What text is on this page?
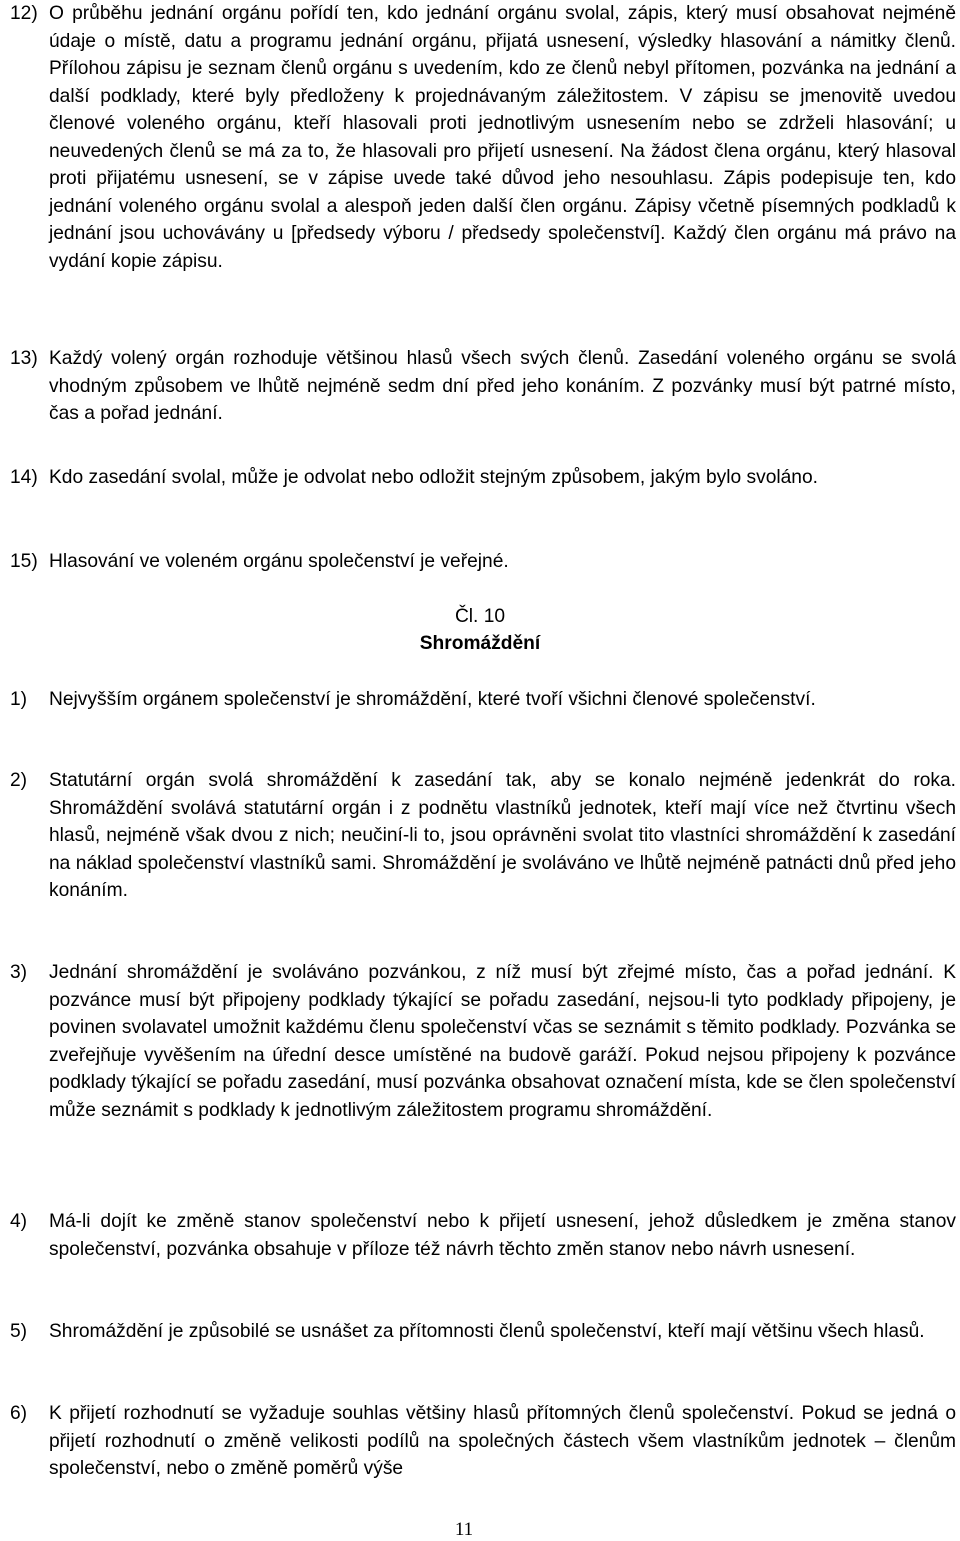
12) O průběhu jednání orgánu pořídí ten, kdo jednání orgánu svolal, zápis, který musí obsahovat nejméně údaje o místě, datu a programu jednání orgánu, přijatá usnesení, výsledky hlasování a námitky členů. Přílohou zápisu je seznam členů orgánu s uvedením, kdo ze členů nebyl přítomen, pozvánka na jednání a další podklady, které byly předloženy k projednávaným záležitostem. V zápisu se jmenovitě uvedou členové voleného orgánu, kteří hlasovali proti jednotlivým usnesením nebo se zdrželi hlasování; u neuvedených členů se má za to, že hlasovali pro přijetí usnesení. Na žádost člena orgánu, který hlasoval proti přijatému usnesení, se v zápise uvede také důvod jeho nesouhlasu. Zápis podepisuje ten, kdo jednání voleného orgánu svolal a alespoň jeden další člen orgánu. Zápisy včetně písemných podkladů k jednání jsou uchovávány u [předsedy výboru / předsedy společenství]. Každý člen orgánu má právo na vydání kopie zápisu.
13) Každý volený orgán rozhoduje většinou hlasů všech svých členů. Zasedání voleného orgánu se svolá vhodným způsobem ve lhůtě nejméně sedm dní před jeho konáním. Z pozvánky musí být patrné místo, čas a pořad jednání.
14) Kdo zasedání svolal, může je odvolat nebo odložit stejným způsobem, jakým bylo svoláno.
15) Hlasování ve voleném orgánu společenství je veřejné.
Čl. 10
Shromáždění
1) Nejvyšším orgánem společenství je shromáždění, které tvoří všichni členové společenství.
2) Statutární orgán svolá shromáždění k zasedání tak, aby se konalo nejméně jedenkrát do roka. Shromáždění svolává statutární orgán i z podnětu vlastníků jednotek, kteří mají více než čtvrtinu všech hlasů, nejméně však dvou z nich; neučiní-li to, jsou oprávněni svolat tito vlastníci shromáždění k zasedání na náklad společenství vlastníků sami. Shromáždění je svoláváno ve lhůtě nejméně patnácti dnů před jeho konáním.
3) Jednání shromáždění je svoláváno pozvánkou, z níž musí být zřejmé místo, čas a pořad jednání. K pozvánce musí být připojeny podklady týkající se pořadu zasedání, nejsou-li tyto podklady připojeny, je povinen svolavatel umožnit každému členu společenství včas se seznámit s těmito podklady. Pozvánka se zveřejňuje vyvěšením na úřední desce umístěné na budově garáží. Pokud nejsou připojeny k pozvánce podklady týkající se pořadu zasedání, musí pozvánka obsahovat označení místa, kde se člen společenství může seznámit s podklady k jednotlivým záležitostem programu shromáždění.
4) Má-li dojít ke změně stanov společenství nebo k přijetí usnesení, jehož důsledkem je změna stanov společenství, pozvánka obsahuje v příloze též návrh těchto změn stanov nebo návrh usnesení.
5) Shromáždění je způsobilé se usnášet za přítomnosti členů společenství, kteří mají většinu všech hlasů.
6) K přijetí rozhodnutí se vyžaduje souhlas většiny hlasů přítomných členů společenství. Pokud se jedná o přijetí rozhodnutí o změně velikosti podílů na společných částech všem vlastníkům jednotek – členům společenství, nebo o změně poměrů výše
11
